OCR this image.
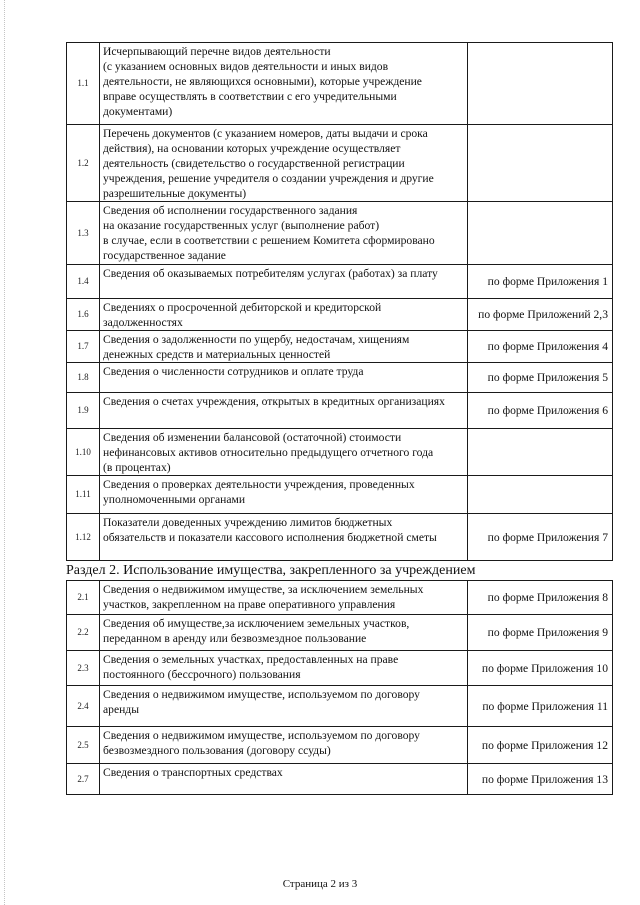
1.1	Исчерпывающий перечне видов деятельности
(с указанием основных видов деятельности и иных видов
деятельности, не являющихся основными), которые учреждение
вправе осуществлять в соответствии с его учредительными
документами)	
1.2	Перечень документов (с указанием номеров, даты выдачи и срока
действия), на основании которых учреждение осуществляет
деятельность (свидетельство о государственной регистрации
учреждения, решение учредителя о создании учреждения и другие
разрешительные документы)	
1.3	Сведения об исполнении государственного задания
на оказание государственных услуг (выполнение работ)
в случае, если в соответствии с решением Комитета сформировано
государственное задание	
1.4	Сведения об оказываемых потребителям услугах (работах) за плату	по форме Приложения 1
1.6	Сведениях о просроченной дебиторской и кредиторской
задолженностях	по форме Приложений 2,3
1.7	Сведения о задолженности по ущербу, недостачам, хищениям
денежных средств и материальных ценностей	по форме Приложения 4
1.8	Сведения о численности сотрудников и оплате труда	по форме Приложения 5
1.9	Сведения о счетах учреждения, открытых в кредитных организациях	по форме Приложения 6
1.10	Сведения об изменении балансовой (остаточной) стоимости
нефинансовых активов относительно предыдущего отчетного года
(в процентах)	
1.11	Сведения о проверках деятельности учреждения, проведенных
уполномоченными органами	
1.12	Показатели доведенных учреждению лимитов бюджетных
обязательств и показатели кассового исполнения бюджетной сметы	по форме Приложения 7
Раздел 2. Использование имущества, закрепленного за учреждением
2.1	Сведения о недвижимом имуществе, за исключением земельных
участков, закрепленном на праве оперативного управления	по форме Приложения 8
2.2	Сведения об имуществе,за исключением земельных участков,
переданном в аренду или безвозмездное пользование	по форме Приложения 9
2.3	Сведения о земельных участках, предоставленных на праве
постоянного (бессрочного) пользования	по форме Приложения 10
2.4	Сведения о недвижимом имуществе, используемом по договору
аренды	по форме Приложения 11
2.5	Сведения о недвижимом имуществе, используемом по договору
безвозмездного пользования (договору ссуды)	по форме Приложения 12
2.7	Сведения о транспортных средствах	по форме Приложения 13
Страница 2 из 3
